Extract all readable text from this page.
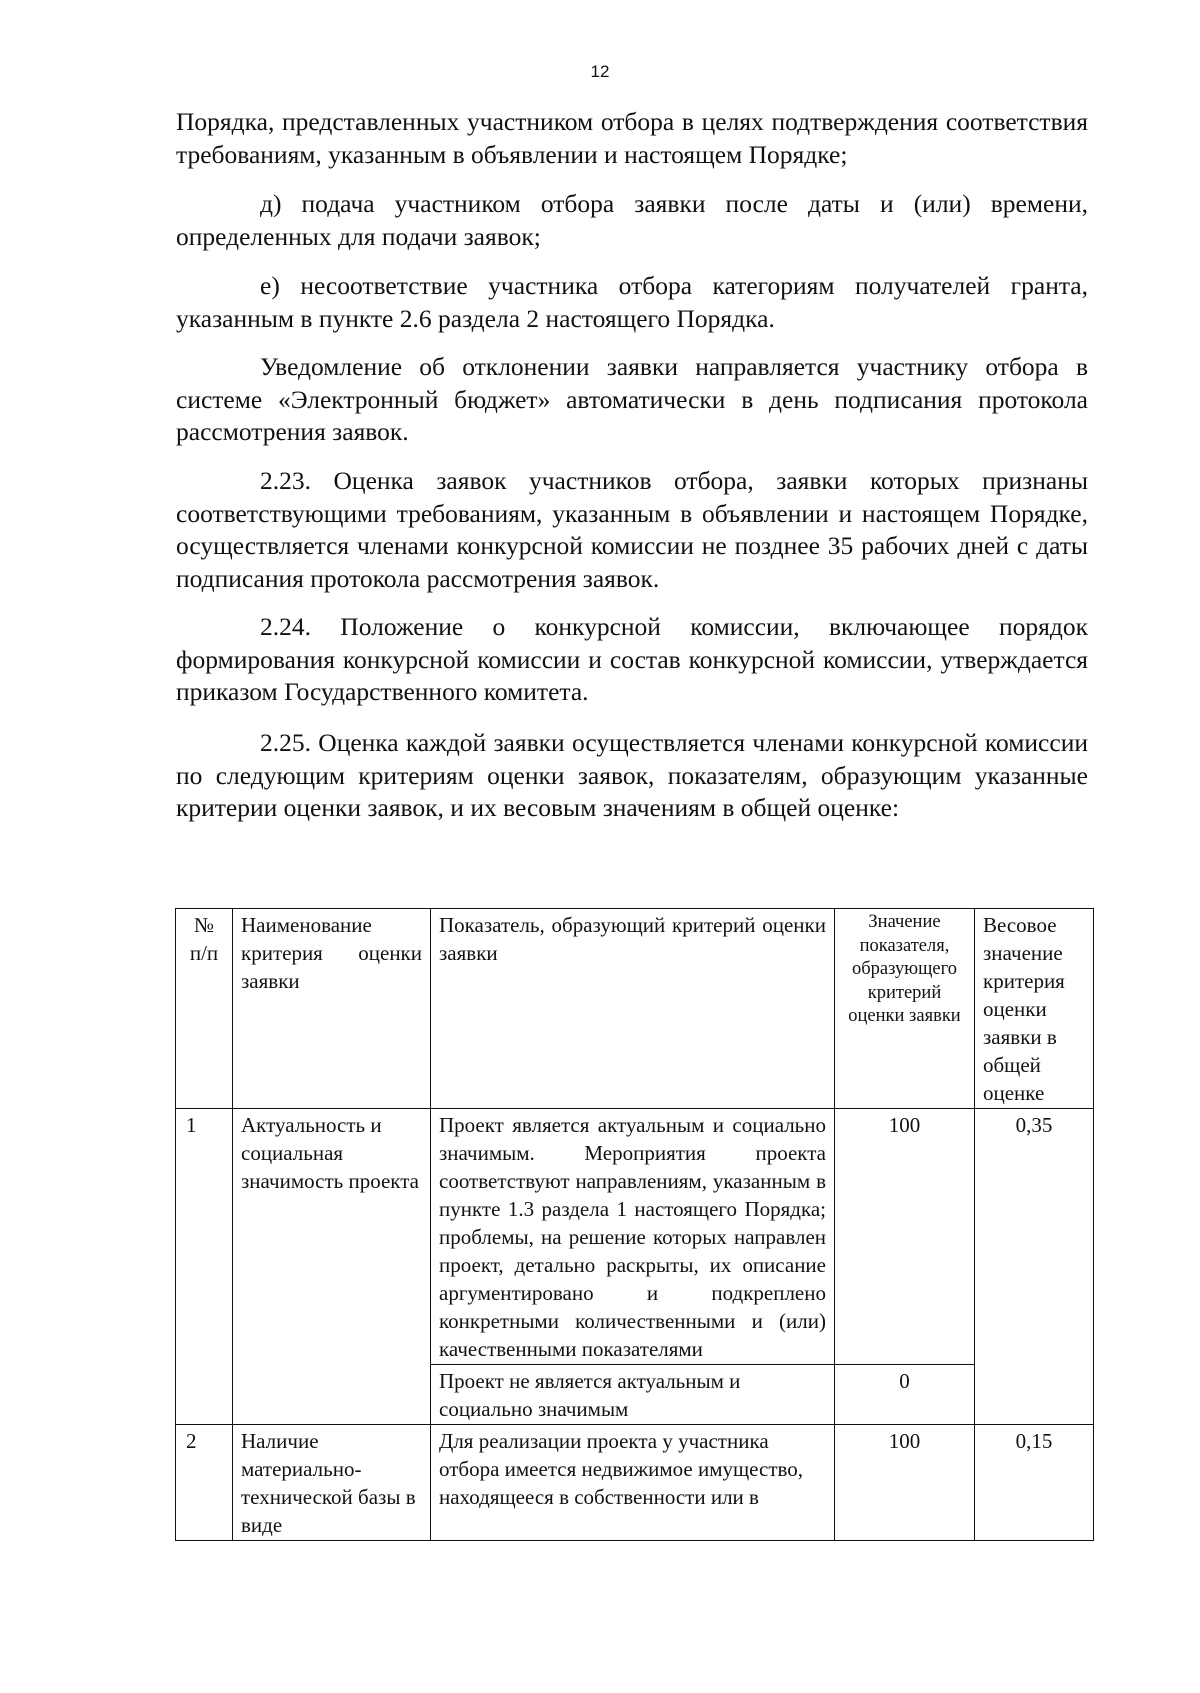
12

Порядка, представленных участником отбора в целях подтверждения соответствия требованиям, указанным в объявлении и настоящем Порядке;

д) подача участником отбора заявки после даты и (или) времени, определенных для подачи заявок;

е) несоответствие участника отбора категориям получателей гранта, указанным в пункте 2.6 раздела 2 настоящего Порядка.

Уведомление об отклонении заявки направляется участнику отбора в системе «Электронный бюджет» автоматически в день подписания протокола рассмотрения заявок.

2.23. Оценка заявок участников отбора, заявки которых признаны соответствующими требованиям, указанным в объявлении и настоящем Порядке, осуществляется членами конкурсной комиссии не позднее 35 рабочих дней с даты подписания протокола рассмотрения заявок.

2.24. Положение о конкурсной комиссии, включающее порядок формирования конкурсной комиссии и состав конкурсной комиссии, утверждается приказом Государственного комитета.

2.25. Оценка каждой заявки осуществляется членами конкурсной комиссии по следующим критериям оценки заявок, показателям, образующим указанные критерии оценки заявок, и их весовым значениям в общей оценке:

№ п/п	Наименование критерия оценки заявки	Показатель, образующий критерий оценки заявки	Значение показателя, образующего критерий оценки заявки	Весовое значение критерия оценки заявки в общей оценке
1	Актуальность и социальная значимость проекта	Проект является актуальным и социально значимым. Мероприятия проекта соответствуют направлениям, указанным в пункте 1.3 раздела 1 настоящего Порядка; проблемы, на решение которых направлен проект, детально раскрыты, их описание аргументировано и подкреплено конкретными количественными и (или) качественными показателями	100	0,35
		Проект не является актуальным и социально значимым	0	
2	Наличие материально-технической базы в виде	Для реализации проекта у участника отбора имеется недвижимое имущество, находящееся в собственности или в	100	0,15
